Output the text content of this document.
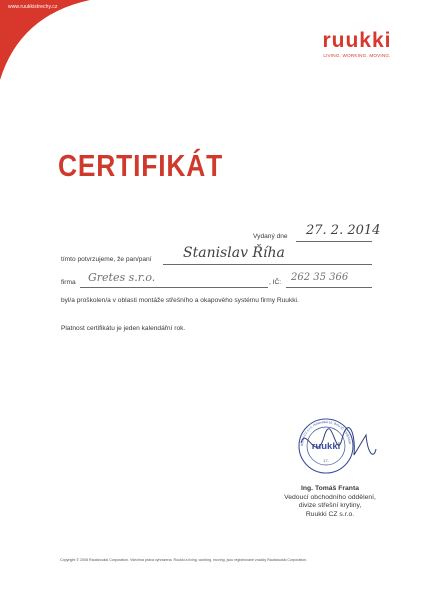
www.ruukkistrechy.cz
ruukki
LIVING. WORKING. MOVING.
CERTIFIKÁT
Vydaný dne 27. 2. 2014
tímto potvrzujeme, že pan/paní Stanislav Říha
firma Gretes s.r.o.	, IČ: 262 35 366
byl/a proškolen/a v oblasti montáže střešního a okapového systému firmy Ruukki.
Platnost certifikátu je jeden kalendářní rok.
ruukki
17.
Ruukki CZ s.r.o. Holandská 10, Brno IČ: 25354450
Ing. Tomáš Franta
Vedoucí obchodního oddělení,
divize střešní krytiny,
Ruukki CZ s.r.o.
Copyright © 2008 Rautaruukki Corporation. Všechna práva vyhrazena. Ruukki a living. working. moving. jsou registrované značky Rautaruukki Corporation.
